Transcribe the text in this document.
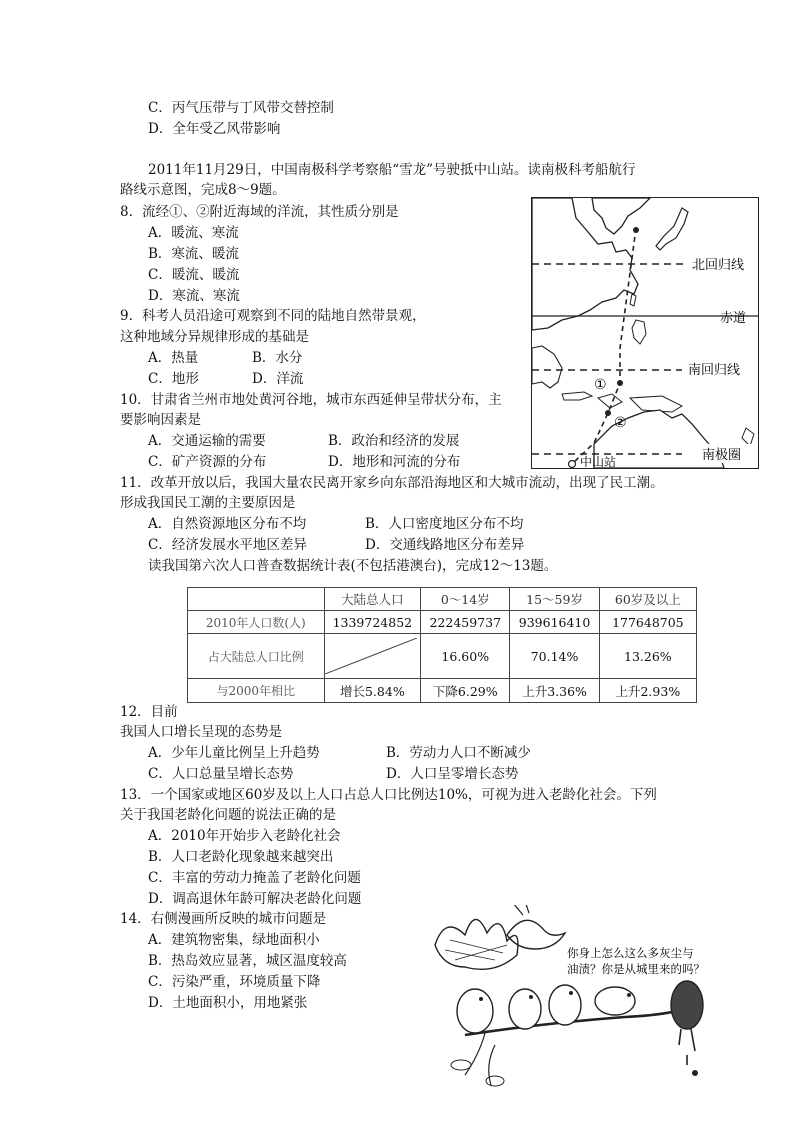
C．丙气压带与丁风带交替控制
D．全年受乙风带影响
2011年11月29日，中国南极科学考察船“雪龙”号驶抵中山站。读南极科考船航行
路线示意图，完成8～9题。
8．流经①、②附近海域的洋流，其性质分别是
A．暖流、寒流
B．寒流、暖流
C．暖流、暖流
D．寒流、寒流
9．科考人员沿途可观察到不同的陆地自然带景观，
这种地域分异规律形成的基础是
A．热量	B．水分
C．地形	D．洋流
10．甘肃省兰州市地处黄河谷地，城市东西延伸呈带状分布，主
要影响因素是
A．交通运输的需要	B．政治和经济的发展
C．矿产资源的分布	D．地形和河流的分布
北回归线
赤道
南回归线
南极圈
①
②
中山站
11．改革开放以后，我国大量农民离开家乡向东部沿海地区和大城市流动，出现了民工潮。
形成我国民工潮的主要原因是
A．自然资源地区分布不均	B．人口密度地区分布不均
C．经济发展水平地区差异	D．交通线路地区分布差异
读我国第六次人口普查数据统计表(不包括港澳台)，完成12～13题。
	大陆总人口	0～14岁	15～59岁	60岁及以上
2010年人口数(人)	1339724852	222459737	939616410	177648705
占大陆总人口比例		16.60%	70.14%	13.26%
与2000年相比	增长5.84%	下降6.29%	上升3.36%	上升2.93%
12．目前
我国人口增长呈现的态势是
A．少年儿童比例呈上升趋势	B．劳动力人口不断减少
C．人口总量呈增长态势	D．人口呈零增长态势
13．一个国家或地区60岁及以上人口占总人口比例达10%，可视为进入老龄化社会。下列
关于我国老龄化问题的说法正确的是
A．2010年开始步入老龄化社会
B．人口老龄化现象越来越突出
C．丰富的劳动力掩盖了老龄化问题
D．调高退休年龄可解决老龄化问题
14．右侧漫画所反映的城市问题是
A．建筑物密集，绿地面积小
B．热岛效应显著，城区温度较高
C．污染严重，环境质量下降
D．土地面积小，用地紧张
你身上怎么这么多灰尘与
油渍？你是从城里来的吗？
